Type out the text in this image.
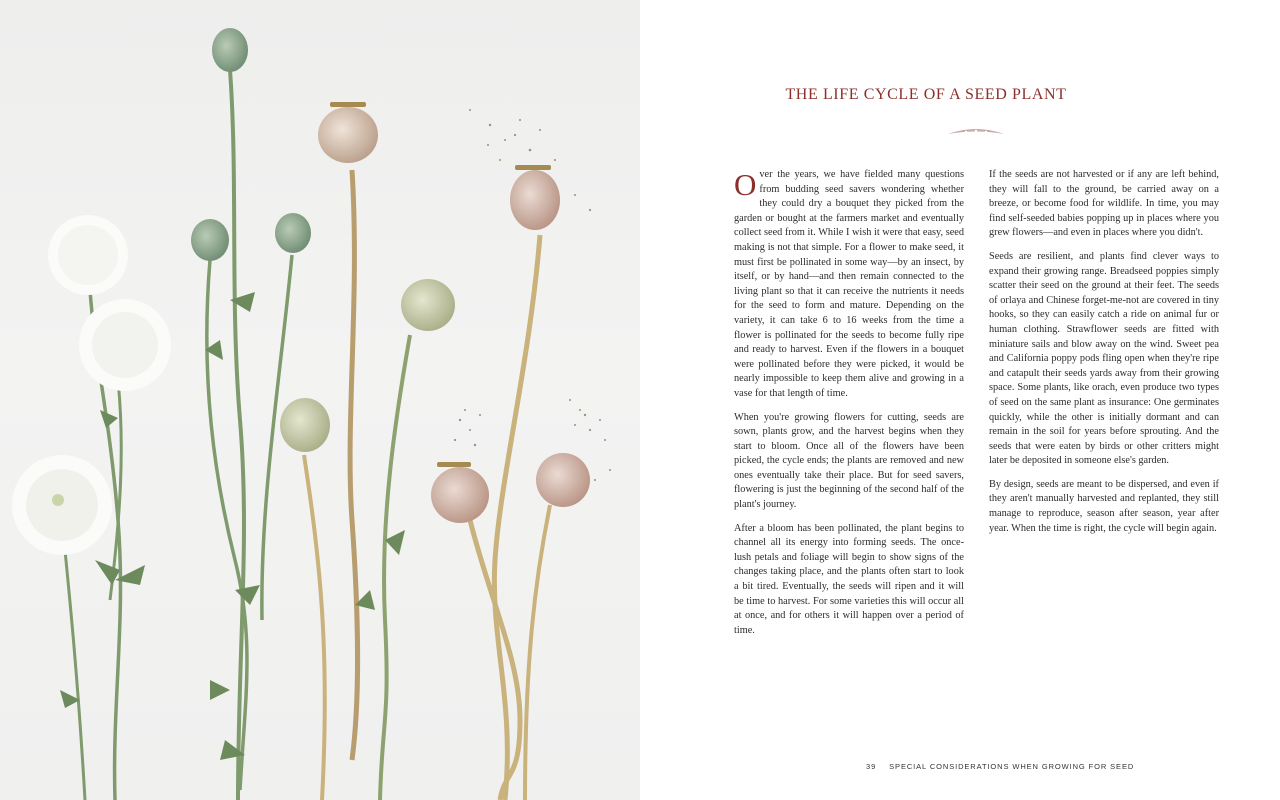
THE LIFE CYCLE OF A SEED PLANT

Over the years, we have fielded many questions from budding seed savers wondering whether they could dry a bouquet they picked from the garden or bought at the farmers market and eventually collect seed from it. While I wish it were that easy, seed making is not that simple. For a flower to make seed, it must first be pollinated in some way—by an insect, by itself, or by hand—and then remain connected to the living plant so that it can receive the nutrients it needs for the seed to form and mature. Depending on the variety, it can take 6 to 16 weeks from the time a flower is pollinated for the seeds to become fully ripe and ready to harvest. Even if the flowers in a bouquet were pollinated before they were picked, it would be nearly impossible to keep them alive and growing in a vase for that length of time.

When you're growing flowers for cutting, seeds are sown, plants grow, and the harvest begins when they start to bloom. Once all of the flowers have been picked, the cycle ends; the plants are removed and new ones eventually take their place. But for seed savers, flowering is just the beginning of the second half of the plant's journey.

After a bloom has been pollinated, the plant begins to channel all its energy into forming seeds. The once-lush petals and foliage will begin to show signs of the changes taking place, and the plants often start to look a bit tired. Eventually, the seeds will ripen and it will be time to harvest. For some varieties this will occur all at once, and for others it will happen over a period of time.

If the seeds are not harvested or if any are left behind, they will fall to the ground, be carried away on a breeze, or become food for wildlife. In time, you may find self-seeded babies popping up in places where you grew flowers—and even in places where you didn't.

Seeds are resilient, and plants find clever ways to expand their growing range. Breadseed poppies simply scatter their seed on the ground at their feet. The seeds of orlaya and Chinese forget-me-not are covered in tiny hooks, so they can easily catch a ride on animal fur or human clothing. Strawflower seeds are fitted with miniature sails and blow away on the wind. Sweet pea and California poppy pods fling open when they're ripe and catapult their seeds yards away from their growing space. Some plants, like orach, even produce two types of seed on the same plant as insurance: One germinates quickly, while the other is initially dormant and can remain in the soil for years before sprouting. And the seeds that were eaten by birds or other critters might later be deposited in someone else's garden.

By design, seeds are meant to be dispersed, and even if they aren't manually harvested and replanted, they still manage to reproduce, season after season, year after year. When the time is right, the cycle will begin again.

39 SPECIAL CONSIDERATIONS WHEN GROWING FOR SEED
